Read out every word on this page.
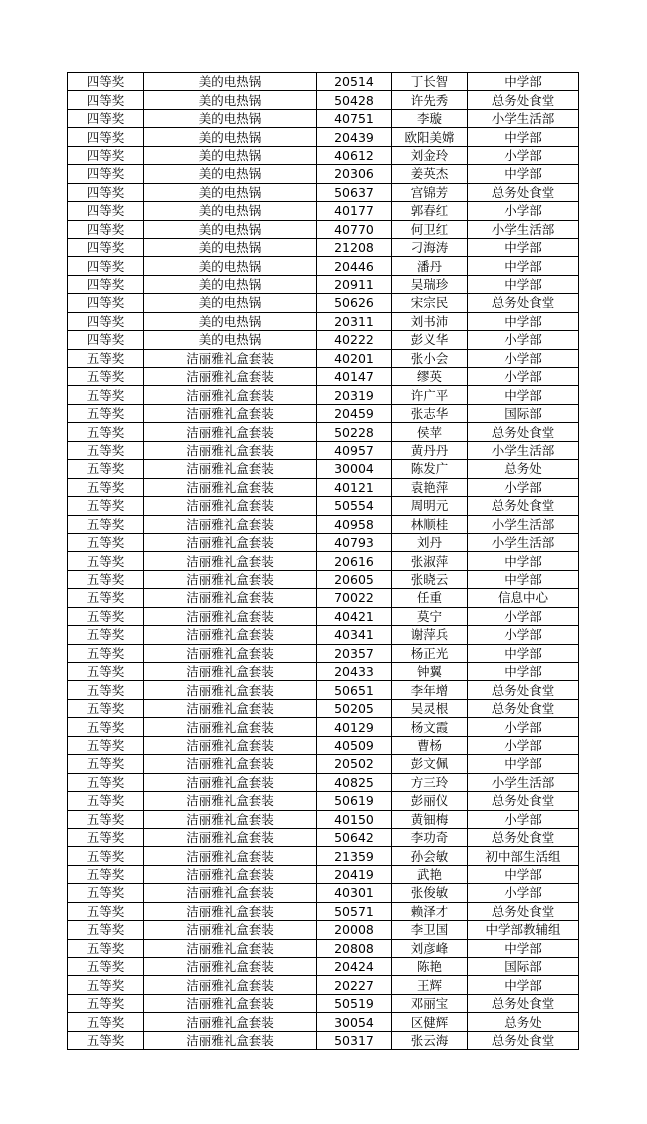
四等奖	美的电热锅	20514	丁长智	中学部
四等奖	美的电热锅	50428	许先秀	总务处食堂
四等奖	美的电热锅	40751	李璇	小学生活部
四等奖	美的电热锅	20439	欧阳美嫦	中学部
四等奖	美的电热锅	40612	刘金玲	小学部
四等奖	美的电热锅	20306	姜英杰	中学部
四等奖	美的电热锅	50637	宫锦芳	总务处食堂
四等奖	美的电热锅	40177	郭春红	小学部
四等奖	美的电热锅	40770	何卫红	小学生活部
四等奖	美的电热锅	21208	刁海涛	中学部
四等奖	美的电热锅	20446	潘丹	中学部
四等奖	美的电热锅	20911	吴瑞珍	中学部
四等奖	美的电热锅	50626	宋宗民	总务处食堂
四等奖	美的电热锅	20311	刘书沛	中学部
四等奖	美的电热锅	40222	彭义华	小学部
五等奖	洁丽雅礼盒套装	40201	张小会	小学部
五等奖	洁丽雅礼盒套装	40147	缪英	小学部
五等奖	洁丽雅礼盒套装	20319	许广平	中学部
五等奖	洁丽雅礼盒套装	20459	张志华	国际部
五等奖	洁丽雅礼盒套装	50228	侯苹	总务处食堂
五等奖	洁丽雅礼盒套装	40957	黄丹丹	小学生活部
五等奖	洁丽雅礼盒套装	30004	陈发广	总务处
五等奖	洁丽雅礼盒套装	40121	袁艳萍	小学部
五等奖	洁丽雅礼盒套装	50554	周明元	总务处食堂
五等奖	洁丽雅礼盒套装	40958	林顺桂	小学生活部
五等奖	洁丽雅礼盒套装	40793	刘丹	小学生活部
五等奖	洁丽雅礼盒套装	20616	张淑萍	中学部
五等奖	洁丽雅礼盒套装	20605	张晓云	中学部
五等奖	洁丽雅礼盒套装	70022	任重	信息中心
五等奖	洁丽雅礼盒套装	40421	莫宁	小学部
五等奖	洁丽雅礼盒套装	40341	谢萍兵	小学部
五等奖	洁丽雅礼盒套装	20357	杨正光	中学部
五等奖	洁丽雅礼盒套装	20433	钟翼	中学部
五等奖	洁丽雅礼盒套装	50651	李年增	总务处食堂
五等奖	洁丽雅礼盒套装	50205	吴灵根	总务处食堂
五等奖	洁丽雅礼盒套装	40129	杨文霞	小学部
五等奖	洁丽雅礼盒套装	40509	曹杨	小学部
五等奖	洁丽雅礼盒套装	20502	彭文佩	中学部
五等奖	洁丽雅礼盒套装	40825	方三玲	小学生活部
五等奖	洁丽雅礼盒套装	50619	彭丽仪	总务处食堂
五等奖	洁丽雅礼盒套装	40150	黄钿梅	小学部
五等奖	洁丽雅礼盒套装	50642	李功奇	总务处食堂
五等奖	洁丽雅礼盒套装	21359	孙会敏	初中部生活组
五等奖	洁丽雅礼盒套装	20419	武艳	中学部
五等奖	洁丽雅礼盒套装	40301	张俊敏	小学部
五等奖	洁丽雅礼盒套装	50571	赖泽才	总务处食堂
五等奖	洁丽雅礼盒套装	20008	李卫国	中学部教辅组
五等奖	洁丽雅礼盒套装	20808	刘彦峰	中学部
五等奖	洁丽雅礼盒套装	20424	陈艳	国际部
五等奖	洁丽雅礼盒套装	20227	王辉	中学部
五等奖	洁丽雅礼盒套装	50519	邓丽宝	总务处食堂
五等奖	洁丽雅礼盒套装	30054	区健辉	总务处
五等奖	洁丽雅礼盒套装	50317	张云海	总务处食堂
